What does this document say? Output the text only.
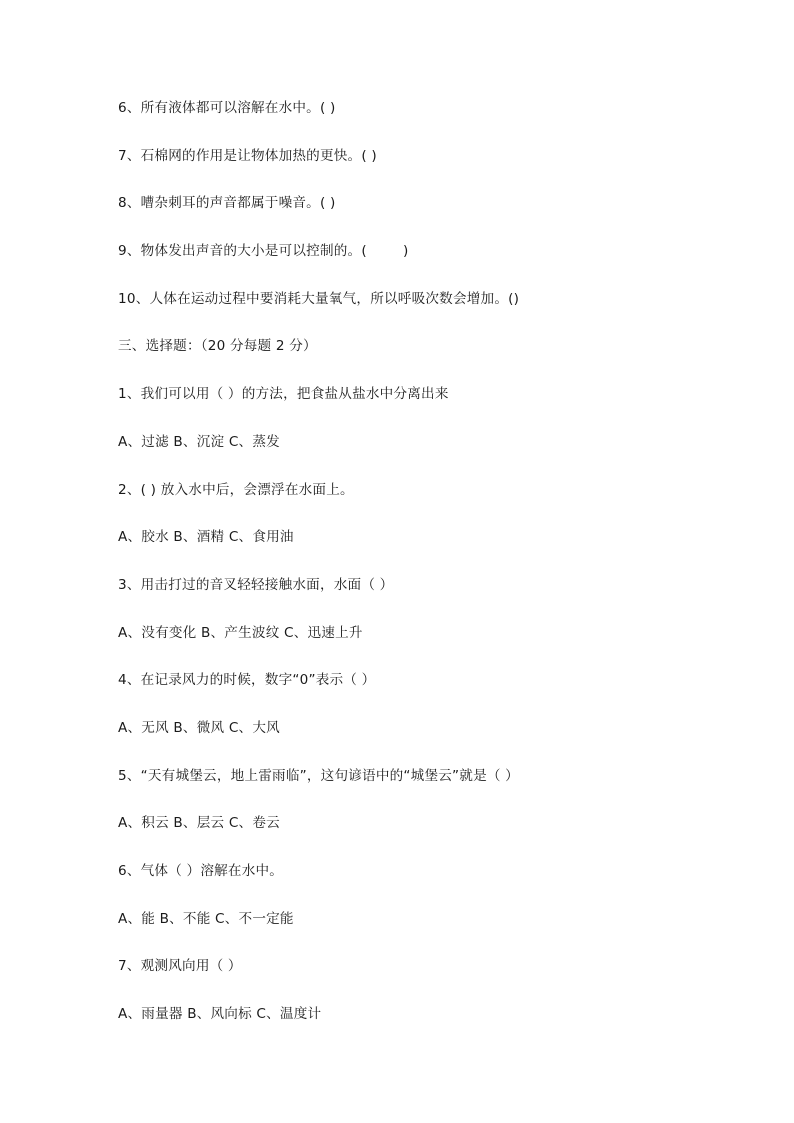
6、所有液体都可以溶解在水中。( )
7、石棉网的作用是让物体加热的更快。( )
8、嘈杂刺耳的声音都属于噪音。( )
9、物体发出声音的大小是可以控制的。(        )
10、人体在运动过程中要消耗大量氧气，所以呼吸次数会增加。()
三、选择题：（20 分每题 2 分）
1、我们可以用（ ）的方法，把食盐从盐水中分离出来
A、过滤 B、沉淀 C、蒸发
2、( ) 放入水中后，会漂浮在水面上。
A、胶水 B、酒精 C、食用油
3、用击打过的音叉轻轻接触水面，水面（ ）
A、没有变化 B、产生波纹 C、迅速上升
4、在记录风力的时候，数字“0”表示（ ）
A、无风 B、微风 C、大风
5、“天有城堡云，地上雷雨临”，这句谚语中的“城堡云”就是（ ）
A、积云 B、层云 C、卷云
6、气体（ ）溶解在水中。
A、能 B、不能 C、不一定能
7、观测风向用（ ）
A、雨量器 B、风向标 C、温度计
